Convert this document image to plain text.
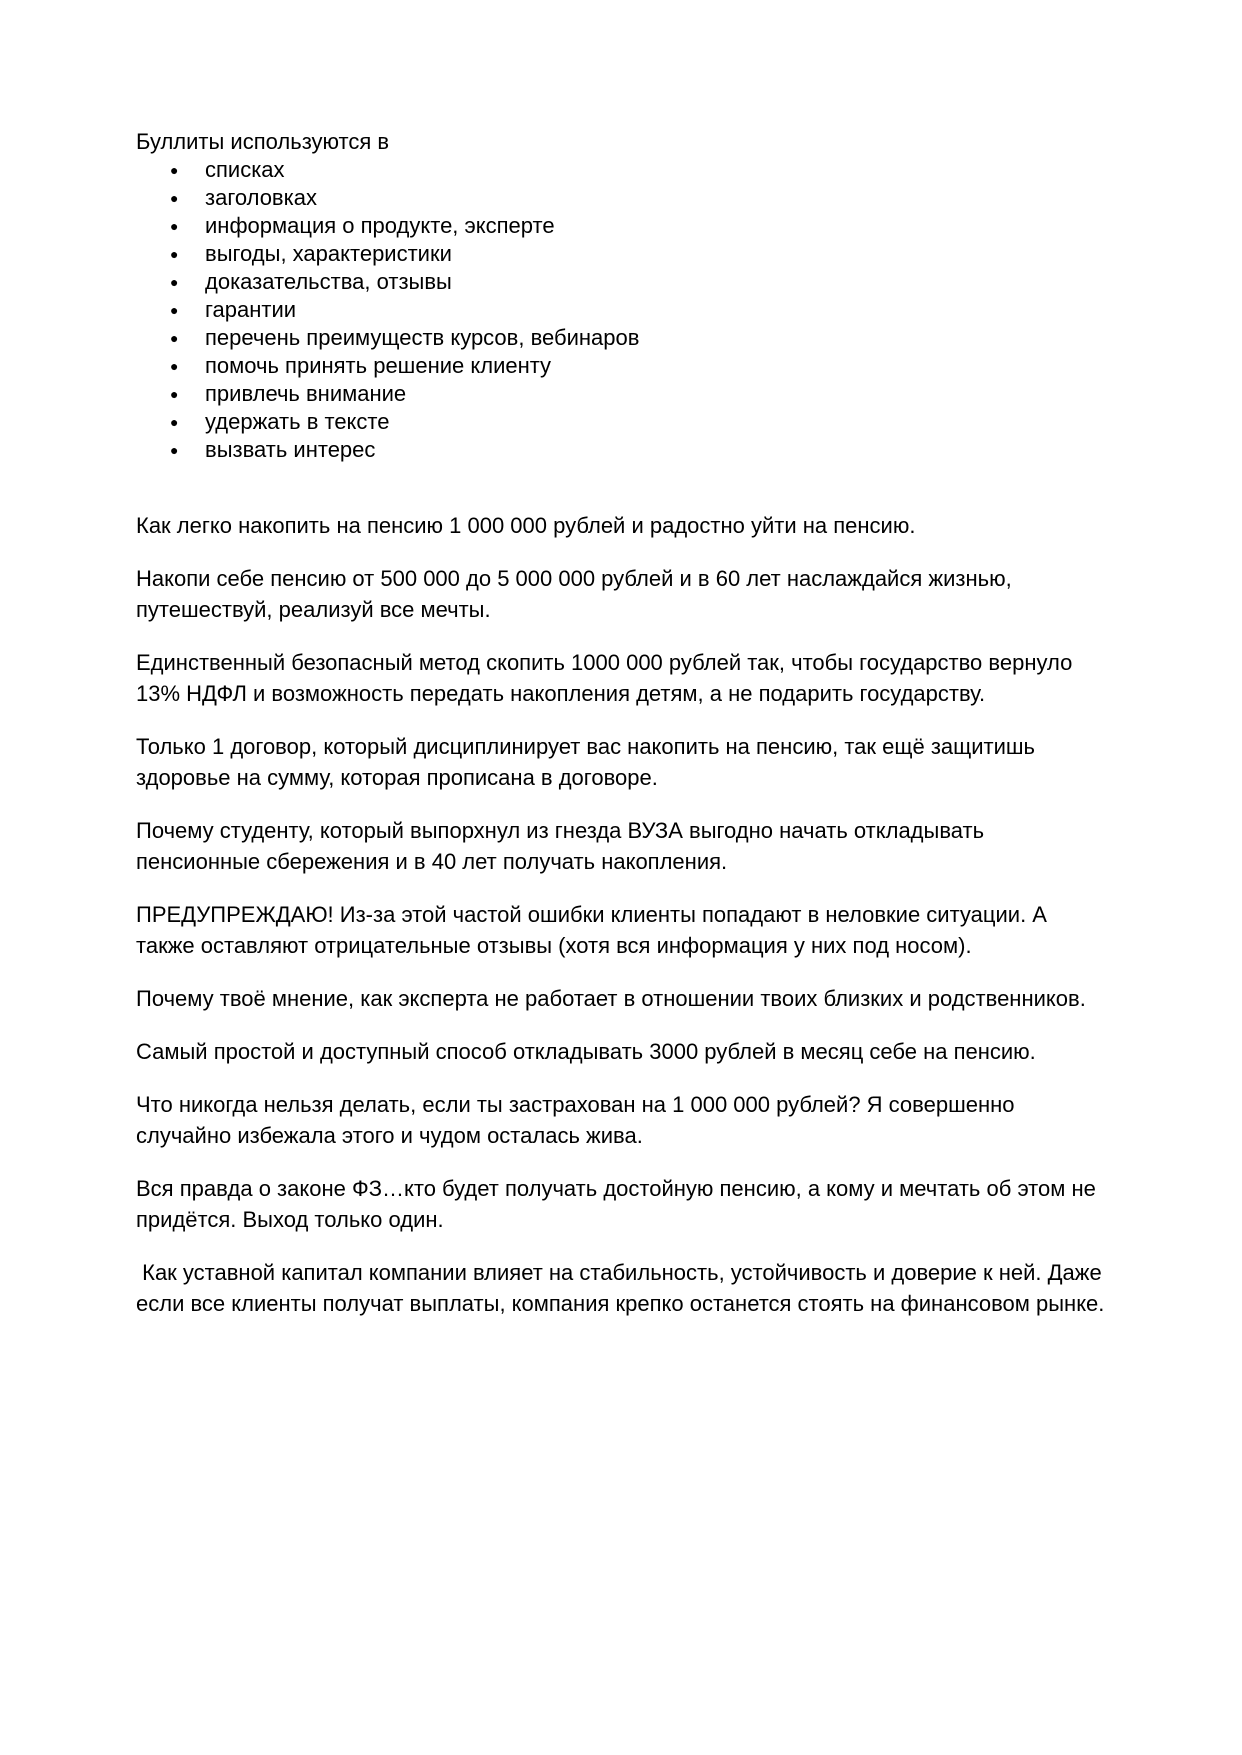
Буллиты используются в

● списках
● заголовках
● информация о продукте, эксперте
● выгоды, характеристики
● доказательства, отзывы
● гарантии
● перечень преимуществ курсов, вебинаров
● помочь принять решение клиенту
● привлечь внимание
● удержать в тексте
● вызвать интерес

Как легко накопить на пенсию 1 000 000 рублей и радостно уйти на пенсию.

Накопи себе пенсию от 500 000 до 5 000 000 рублей и в 60 лет наслаждайся жизнью, путешествуй, реализуй все мечты.

Единственный безопасный метод скопить 1000 000 рублей так, чтобы государство вернуло 13% НДФЛ и возможность передать накопления детям, а не подарить государству.

Только 1 договор, который дисциплинирует вас накопить на пенсию, так ещё защитишь здоровье на сумму, которая прописана в договоре.

Почему студенту, который выпорхнул из гнезда ВУЗА выгодно начать откладывать пенсионные сбережения и в 40 лет получать накопления.

ПРЕДУПРЕЖДАЮ! Из-за этой частой ошибки клиенты попадают в неловкие ситуации. А также оставляют отрицательные отзывы (хотя вся информация у них под носом).

Почему твоё мнение, как эксперта не работает в отношении твоих близких и родственников.

Самый простой и доступный способ откладывать 3000 рублей в месяц себе на пенсию.

Что никогда нельзя делать, если ты застрахован на 1 000 000 рублей? Я совершенно случайно избежала этого и чудом осталась жива.

Вся правда о законе ФЗ…кто будет получать достойную пенсию, а кому и мечтать об этом не придётся. Выход только один.

Как уставной капитал компании влияет на стабильность, устойчивость и доверие к ней. Даже если все клиенты получат выплаты, компания крепко останется стоять на финансовом рынке.
